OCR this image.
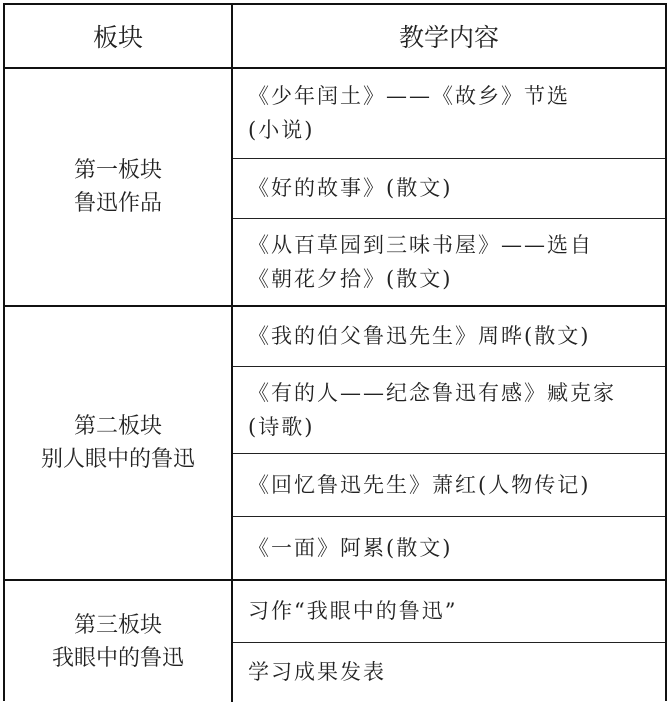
板块	教学内容

第一板块
鲁迅作品	《少年闰土》——《故乡》节选
(小说)

	《好的故事》(散文)

	《从百草园到三味书屋》——选自
《朝花夕拾》(散文)

第二板块
别人眼中的鲁迅	《我的伯父鲁迅先生》周晔(散文)

	《有的人——纪念鲁迅有感》臧克家
(诗歌)

	《回忆鲁迅先生》萧红(人物传记)

	《一面》阿累(散文)

第三板块
我眼中的鲁迅	习作“我眼中的鲁迅”

	学习成果发表
